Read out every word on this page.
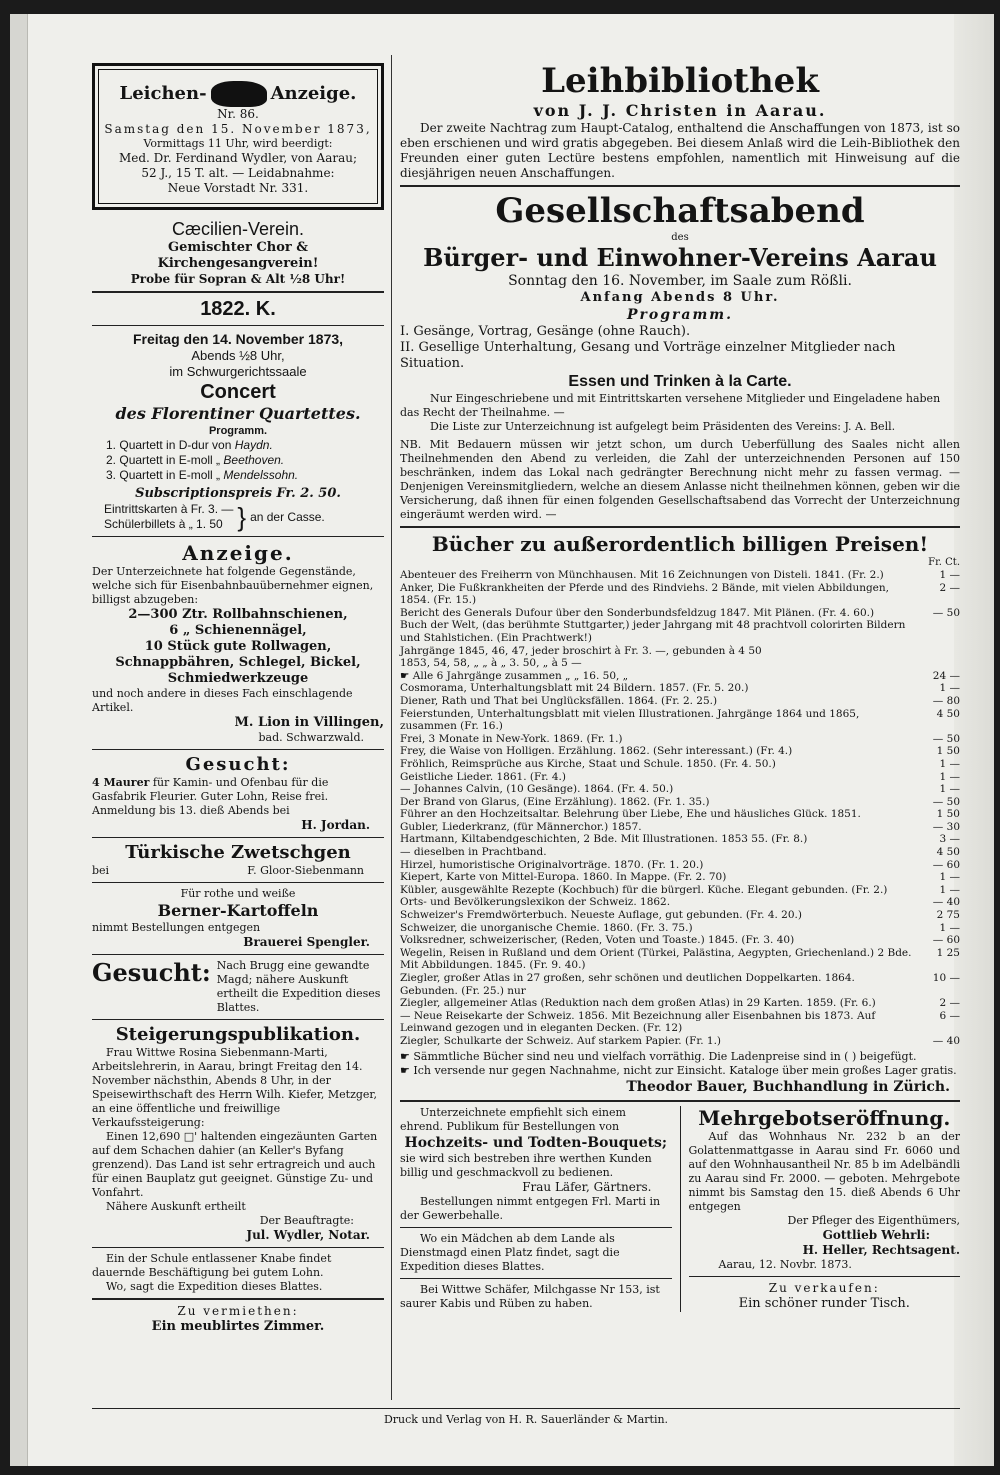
Leichen-	Anzeige.
Nr. 86.
Samstag den 15. November 1873,
Vormittags 11 Uhr, wird beerdigt:
Med. Dr. Ferdinand Wydler, von Aarau;
52 J., 15 T. alt. — Leidabnahme:
Neue Vorstadt Nr. 331.
Cæcilien-Verein.
Gemischter Chor & Kirchengesangverein!
Probe für Sopran & Alt ½8 Uhr!
1822. K.
Freitag den 14. November 1873,
Abends ½8 Uhr,
im Schwurgerichtssaale
Concert
des Florentiner Quartettes.
Programm.
1. Quartett in D-dur von Haydn.
2. Quartett in E-moll „ Beethoven.
3. Quartett in E-moll „ Mendelssohn.
Subscriptionspreis Fr. 2. 50.
Eintrittskarten à Fr. 3. —
Schülerbillets à „ 1. 50 } an der Casse.
Anzeige.
Der Unterzeichnete hat folgende Gegenstände, welche sich für Eisenbahnbauübernehmer eignen, billigst abzugeben:
2—300 Ztr. Rollbahnschienen,
6 „ Schienennägel,
10 Stück gute Rollwagen,
Schnappbähren, Schlegel, Bickel,
Schmiedwerkzeuge
und noch andere in dieses Fach einschlagende Artikel.
M. Lion in Villingen,
bad. Schwarzwald.
Gesucht:
4 Maurer für Kamin- und Ofenbau für die Gasfabrik Fleurier. Guter Lohn, Reise frei. Anmeldung bis 13. dieß Abends bei
H. Jordan.
Türkische Zwetschgen
bei	F. Gloor-Siebenmann
Für rothe und weiße
Berner-Kartoffeln
nimmt Bestellungen entgegen
Brauerei Spengler.
Gesucht: Nach Brugg eine gewandte Magd; nähere Auskunft ertheilt die Expedition dieses Blattes.
Steigerungspublikation.
Frau Wittwe Rosina Siebenmann-Marti, Arbeitslehrerin, in Aarau, bringt Freitag den 14. November nächsthin, Abends 8 Uhr, in der Speisewirthschaft des Herrn Wilh. Kiefer, Metzger, an eine öffentliche und freiwillige Verkaufssteigerung:
Einen 12,690 □' haltenden eingezäunten Garten auf dem Schachen dahier (an Keller's Byfang grenzend). Das Land ist sehr ertragreich und auch für einen Bauplatz gut geeignet. Günstige Zu- und Vonfahrt.
Nähere Auskunft ertheilt
Der Beauftragte:
Jul. Wydler, Notar.
Ein der Schule entlassener Knabe findet dauernde Beschäftigung bei gutem Lohn.
Wo, sagt die Expedition dieses Blattes.
Zu vermiethen:
Ein meublirtes Zimmer.
Leihbibliothek
von J. J. Christen in Aarau.
Der zweite Nachtrag zum Haupt-Catalog, enthaltend die Anschaffungen von 1873, ist so eben erschienen und wird gratis abgegeben. Bei diesem Anlaß wird die Leih-Bibliothek den Freunden einer guten Lectüre bestens empfohlen, namentlich mit Hinweisung auf die diesjährigen neuen Anschaffungen.
Gesellschaftsabend
des
Bürger- und Einwohner-Vereins Aarau
Sonntag den 16. November, im Saale zum Rößli.
Anfang Abends 8 Uhr.
Programm.
I. Gesänge, Vortrag, Gesänge (ohne Rauch).
II. Gesellige Unterhaltung, Gesang und Vorträge einzelner Mitglieder nach Situation.
Essen und Trinken à la Carte.
Nur Eingeschriebene und mit Eintrittskarten versehene Mitglieder und Eingeladene haben das Recht der Theilnahme. —
Die Liste zur Unterzeichnung ist aufgelegt beim Präsidenten des Vereins: J. A. Bell.
NB. Mit Bedauern müssen wir jetzt schon, um durch Ueberfüllung des Saales nicht allen Theilnehmenden den Abend zu verleiden, die Zahl der unterzeichnenden Personen auf 150 beschränken, indem das Lokal nach gedrängter Berechnung nicht mehr zu fassen vermag. — Denjenigen Vereinsmitgliedern, welche an diesem Anlasse nicht theilnehmen können, geben wir die Versicherung, daß ihnen für einen folgenden Gesellschaftsabend das Vorrecht der Unterzeichnung eingeräumt werden wird. —
Bücher zu außerordentlich billigen Preisen!
Fr. Ct.
Abenteuer des Freiherrn von Münchhausen. Mit 16 Zeichnungen von Disteli. 1841. (Fr. 2.)	1 —
Anker, Die Fußkrankheiten der Pferde und des Rindviehs. 2 Bände, mit vielen Abbildungen, 1854. (Fr. 15.)
2 —
Bericht des Generals Dufour über den Sonderbundsfeldzug 1847. Mit Plänen. (Fr. 4. 60.)	— 50
Buch der Welt, (das berühmte Stuttgarter,) jeder Jahrgang mit 48 prachtvoll colorirten Bildern und Stahlstichen. (Ein Prachtwerk!)
Jahrgänge 1845, 46, 47, jeder broschirt à Fr. 3. —, gebunden à 4 50
1853, 54, 58, „ „ à „ 3. 50, „ à 5 —
☛ Alle 6 Jahrgänge zusammen „ „ 16. 50, „	24 —
Cosmorama, Unterhaltungsblatt mit 24 Bildern. 1857. (Fr. 5. 20.)	1 —
Diener, Rath und That bei Unglücksfällen. 1864. (Fr. 2. 25.)	— 80
Feierstunden, Unterhaltungsblatt mit vielen Illustrationen. Jahrgänge 1864 und 1865, zusammen (Fr. 16.)
4 50
Frei, 3 Monate in New-York. 1869. (Fr. 1.)	— 50
Frey, die Waise von Holligen. Erzählung. 1862. (Sehr interessant.) (Fr. 4.)	1 50
Fröhlich, Reimsprüche aus Kirche, Staat und Schule. 1850. (Fr. 4. 50.)	1 —
Geistliche Lieder. 1861. (Fr. 4.)	1 —
— Johannes Calvin, (10 Gesänge). 1864. (Fr. 4. 50.)	1 —
Der Brand von Glarus, (Eine Erzählung). 1862. (Fr. 1. 35.)	— 50
Führer an den Hochzeitsaltar. Belehrung über Liebe, Ehe und häusliches Glück. 1851.	1 50
Gubler, Liederkranz, (für Männerchor.) 1857.	— 30
Hartmann, Kiltabendgeschichten, 2 Bde. Mit Illustrationen. 1853 55. (Fr. 8.)	3 —
— dieselben in Prachtband.	4 50
Hirzel, humoristische Originalvorträge. 1870. (Fr. 1. 20.)	— 60
Kiepert, Karte von Mittel-Europa. 1860. In Mappe. (Fr. 2. 70)	1 —
Kübler, ausgewählte Rezepte (Kochbuch) für die bürgerl. Küche. Elegant gebunden. (Fr. 2.)	1 —
Orts- und Bevölkerungslexikon der Schweiz. 1862.	— 40
Schweizer's Fremdwörterbuch. Neueste Auflage, gut gebunden. (Fr. 4. 20.)	2 75
Schweizer, die unorganische Chemie. 1860. (Fr. 3. 75.)	1 —
Volksredner, schweizerischer, (Reden, Voten und Toaste.) 1845. (Fr. 3. 40)	— 60
Wegelin, Reisen in Rußland und dem Orient (Türkei, Palästina, Aegypten, Griechenland.) 2 Bde. Mit Abbildungen. 1845. (Fr. 9. 40.)
1 25
Ziegler, großer Atlas in 27 großen, sehr schönen und deutlichen Doppelkarten. 1864. Gebunden. (Fr. 25.) nur
10 —
Ziegler, allgemeiner Atlas (Reduktion nach dem großen Atlas) in 29 Karten. 1859. (Fr. 6.)	2 —
— Neue Reisekarte der Schweiz. 1856. Mit Bezeichnung aller Eisenbahnen bis 1873. Auf Leinwand gezogen und in eleganten Decken. (Fr. 12)
6 —
Ziegler, Schulkarte der Schweiz. Auf starkem Papier. (Fr. 1.)	— 40
☛ Sämmtliche Bücher sind neu und vielfach vorräthig. Die Ladenpreise sind in ( ) beigefügt.
☛ Ich versende nur gegen Nachnahme, nicht zur Einsicht. Kataloge über mein großes Lager gratis.
Theodor Bauer, Buchhandlung in Zürich.
Unterzeichnete empfiehlt sich einem ehrend. Publikum für Bestellungen von
Hochzeits- und Todten-Bouquets;
sie wird sich bestreben ihre werthen Kunden billig und geschmackvoll zu bedienen.
Frau Läfer, Gärtners.
Bestellungen nimmt entgegen Frl. Marti in der Gewerbehalle.
Wo ein Mädchen ab dem Lande als Dienstmagd einen Platz findet, sagt die Expedition dieses Blattes.
Bei Wittwe Schäfer, Milchgasse Nr 153, ist saurer Kabis und Rüben zu haben.
Mehrgebotseröffnung.
Auf das Wohnhaus Nr. 232 b an der Golattenmattgasse in Aarau sind Fr. 6060 und auf den Wohnhausantheil Nr. 85 b im Adelbändli zu Aarau sind Fr. 2000. — geboten. Mehrgebote nimmt bis Samstag den 15. dieß Abends 6 Uhr entgegen
Der Pfleger des Eigenthümers,
Gottlieb Wehrli:
H. Heller, Rechtsagent.
Aarau, 12. Novbr. 1873.
Zu verkaufen:
Ein schöner runder Tisch.
Druck und Verlag von H. R. Sauerländer & Martin.
